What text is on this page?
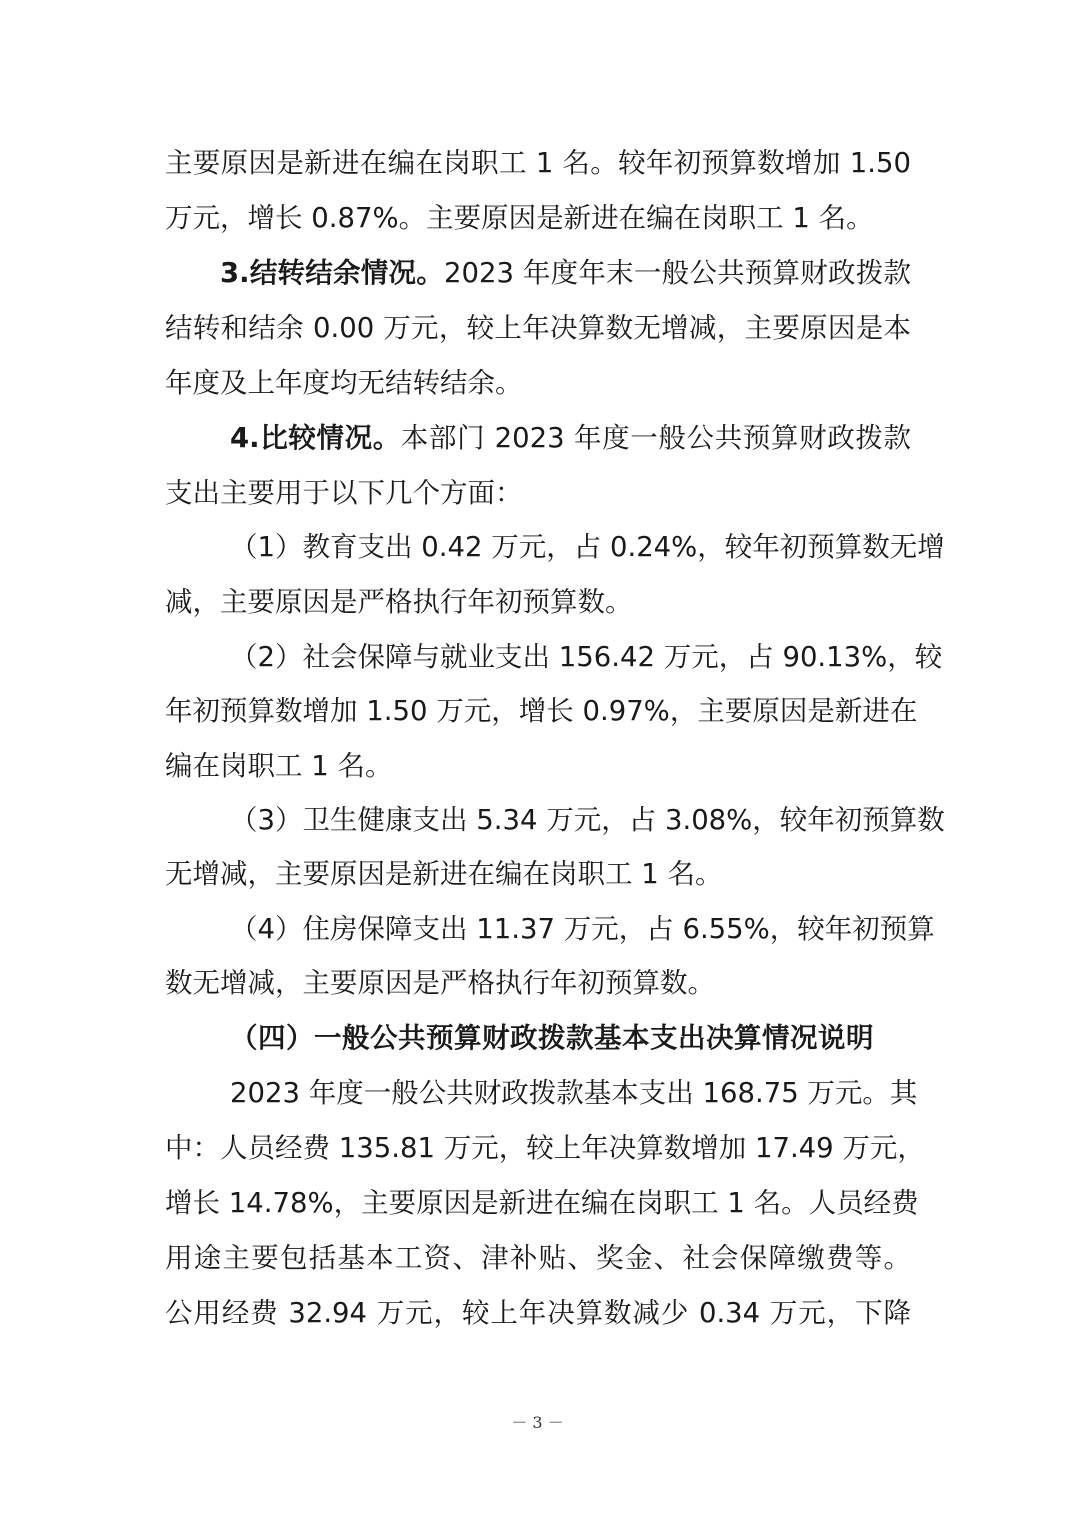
主要原因是新进在编在岗职工 1 名。较年初预算数增加 1.50
万元，增长 0.87%。主要原因是新进在编在岗职工 1 名。
3.结转结余情况。2023 年度年末一般公共预算财政拨款
结转和结余 0.00 万元，较上年决算数无增减，主要原因是本
年度及上年度均无结转结余。
4.比较情况。本部门 2023 年度一般公共预算财政拨款
支出主要用于以下几个方面：
（1）教育支出 0.42 万元，占 0.24%，较年初预算数无增
减，主要原因是严格执行年初预算数。
（2）社会保障与就业支出 156.42 万元，占 90.13%，较
年初预算数增加 1.50 万元，增长 0.97%，主要原因是新进在
编在岗职工 1 名。
（3）卫生健康支出 5.34 万元，占 3.08%，较年初预算数
无增减，主要原因是新进在编在岗职工 1 名。
（4）住房保障支出 11.37 万元，占 6.55%，较年初预算
数无增减，主要原因是严格执行年初预算数。
（四）一般公共预算财政拨款基本支出决算情况说明
2023 年度一般公共财政拨款基本支出 168.75 万元。其
中：人员经费 135.81 万元，较上年决算数增加 17.49 万元，
增长 14.78%，主要原因是新进在编在岗职工 1 名。人员经费
用途主要包括基本工资、津补贴、奖金、社会保障缴费等。
公用经费 32.94 万元，较上年决算数减少 0.34 万元，下降
－ 3 －
